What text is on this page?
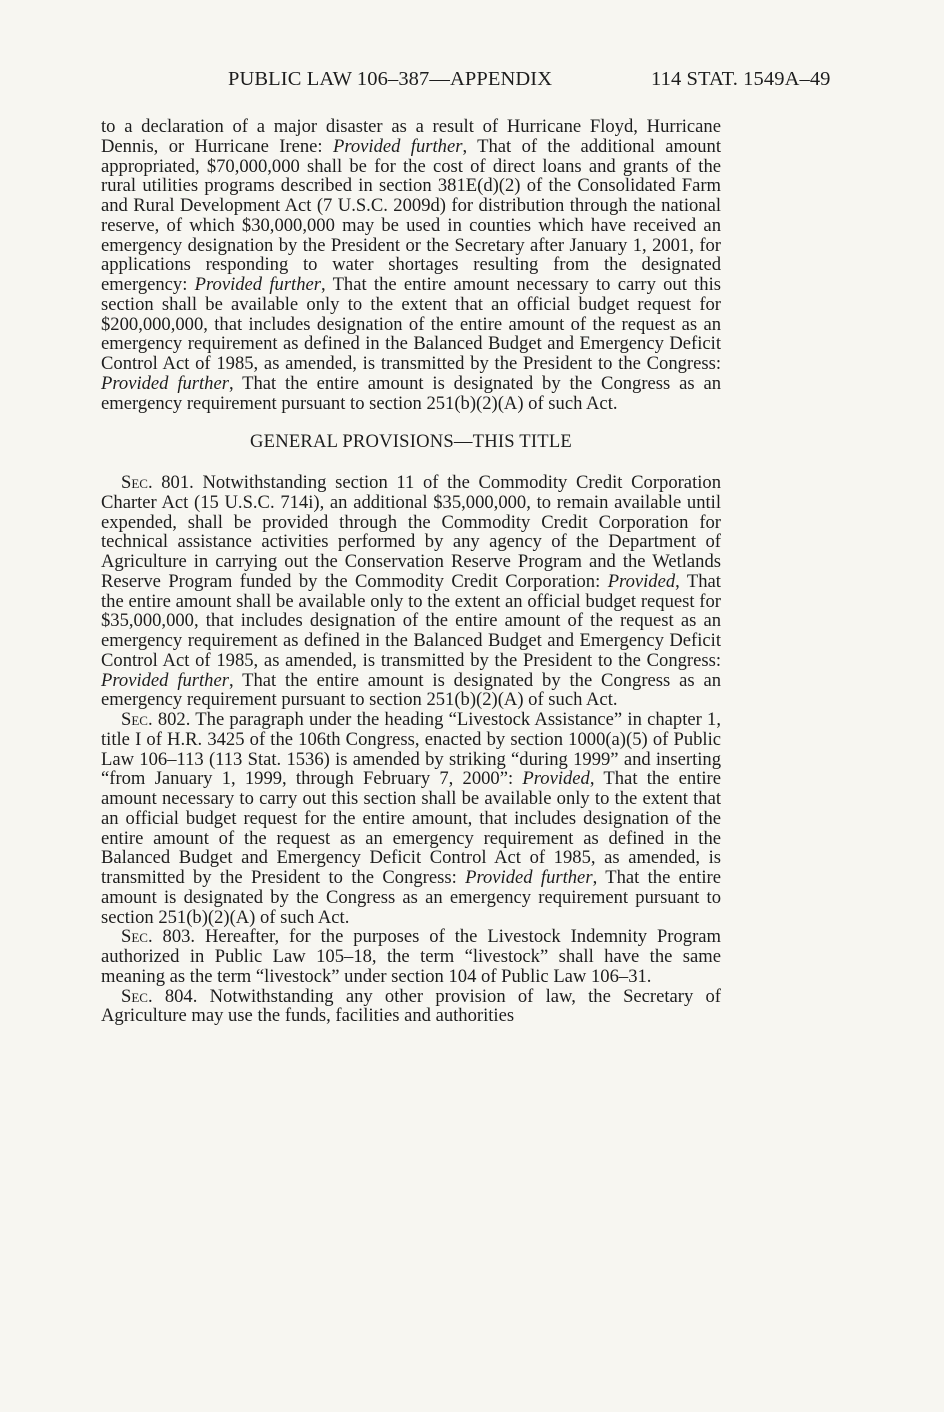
PUBLIC LAW 106–387—APPENDIX	114 STAT. 1549A–49

to a declaration of a major disaster as a result of Hurricane Floyd, Hurricane Dennis, or Hurricane Irene: Provided further, That of the additional amount appropriated, $70,000,000 shall be for the cost of direct loans and grants of the rural utilities programs described in section 381E(d)(2) of the Consolidated Farm and Rural Development Act (7 U.S.C. 2009d) for distribution through the national reserve, of which $30,000,000 may be used in counties which have received an emergency designation by the President or the Secretary after January 1, 2001, for applications responding to water shortages resulting from the designated emergency: Provided further, That the entire amount necessary to carry out this section shall be available only to the extent that an official budget request for $200,000,000, that includes designation of the entire amount of the request as an emergency requirement as defined in the Balanced Budget and Emergency Deficit Control Act of 1985, as amended, is transmitted by the President to the Congress: Provided further, That the entire amount is designated by the Congress as an emergency requirement pursuant to section 251(b)(2)(A) of such Act.

GENERAL PROVISIONS—THIS TITLE

Sec. 801. Notwithstanding section 11 of the Commodity Credit Corporation Charter Act (15 U.S.C. 714i), an additional $35,000,000, to remain available until expended, shall be provided through the Commodity Credit Corporation for technical assistance activities performed by any agency of the Department of Agriculture in carrying out the Conservation Reserve Program and the Wetlands Reserve Program funded by the Commodity Credit Corporation: Provided, That the entire amount shall be available only to the extent an official budget request for $35,000,000, that includes designation of the entire amount of the request as an emergency requirement as defined in the Balanced Budget and Emergency Deficit Control Act of 1985, as amended, is transmitted by the President to the Congress: Provided further, That the entire amount is designated by the Congress as an emergency requirement pursuant to section 251(b)(2)(A) of such Act.

Sec. 802. The paragraph under the heading “Livestock Assistance” in chapter 1, title I of H.R. 3425 of the 106th Congress, enacted by section 1000(a)(5) of Public Law 106–113 (113 Stat. 1536) is amended by striking “during 1999” and inserting “from January 1, 1999, through February 7, 2000”: Provided, That the entire amount necessary to carry out this section shall be available only to the extent that an official budget request for the entire amount, that includes designation of the entire amount of the request as an emergency requirement as defined in the Balanced Budget and Emergency Deficit Control Act of 1985, as amended, is transmitted by the President to the Congress: Provided further, That the entire amount is designated by the Congress as an emergency requirement pursuant to section 251(b)(2)(A) of such Act.

Sec. 803. Hereafter, for the purposes of the Livestock Indemnity Program authorized in Public Law 105–18, the term “livestock” shall have the same meaning as the term “livestock” under section 104 of Public Law 106–31.

Sec. 804. Notwithstanding any other provision of law, the Secretary of Agriculture may use the funds, facilities and authorities
